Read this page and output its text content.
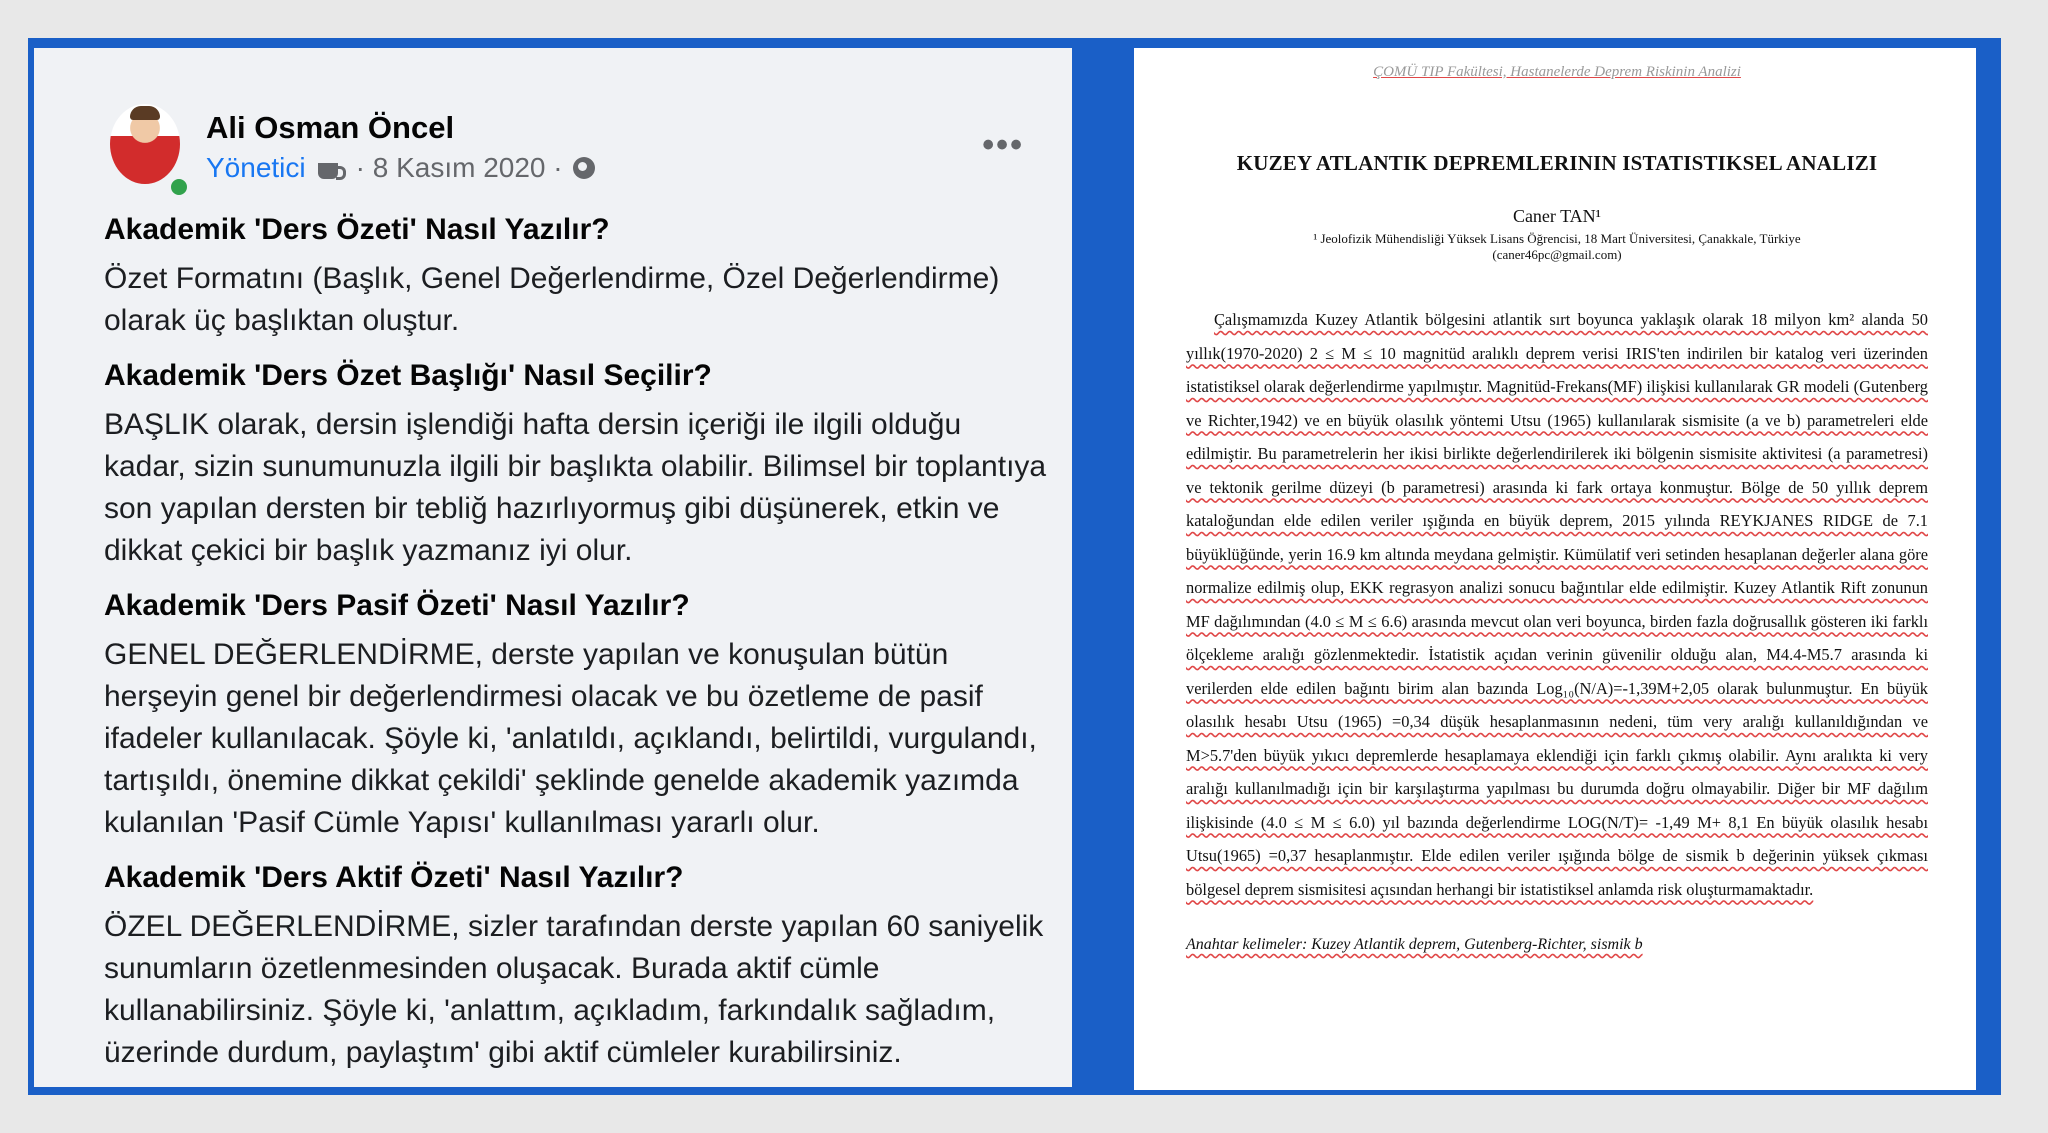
Ali Osman Öncel
Yönetici · 8 Kasım 2020 ·
•••
Akademik 'Ders Özeti' Nasıl Yazılır?

Özet Formatını (Başlık, Genel Değerlendirme, Özel Değerlendirme) olarak üç başlıktan oluştur.

Akademik 'Ders Özet Başlığı' Nasıl Seçilir?

BAŞLIK olarak, dersin işlendiği hafta dersin içeriği ile ilgili olduğu kadar, sizin sunumunuzla ilgili bir başlıkta olabilir. Bilimsel bir toplantıya son yapılan dersten bir tebliğ hazırlıyormuş gibi düşünerek, etkin ve dikkat çekici bir başlık yazmanız iyi olur.

Akademik 'Ders Pasif Özeti' Nasıl Yazılır?

GENEL DEĞERLENDİRME, derste yapılan ve konuşulan bütün herşeyin genel bir değerlendirmesi olacak ve bu özetleme de pasif ifadeler kullanılacak. Şöyle ki, 'anlatıldı, açıklandı, belirtildi, vurgulandı, tartışıldı, önemine dikkat çekildi' şeklinde genelde akademik yazımda kulanılan 'Pasif Cümle Yapısı' kullanılması yararlı olur.

Akademik 'Ders Aktif Özeti' Nasıl Yazılır?

ÖZEL DEĞERLENDİRME, sizler tarafından derste yapılan 60 saniyelik sunumların özetlenmesinden oluşacak. Burada aktif cümle kullanabilirsiniz. Şöyle ki, 'anlattım, açıkladım, farkındalık sağladım, üzerinde durdum, paylaştım' gibi aktif cümleler kurabilirsiniz.

ÇOMÜ TIP Fakültesi, Hastanelerde Deprem Riskinin Analizi
KUZEY ATLANTIK DEPREMLERININ ISTATISTIKSEL ANALIZI
Caner TAN¹
¹ Jeolofizik Mühendisliği Yüksek Lisans Öğrencisi, 18 Mart Üniversitesi, Çanakkale, Türkiye
(caner46pc@gmail.com)
Çalışmamızda Kuzey Atlantik bölgesini atlantik sırt boyunca yaklaşık olarak 18 milyon km² alanda 50 yıllık(1970-2020) 2 ≤ M ≤ 10 magnitüd aralıklı deprem verisi IRIS'ten indirilen bir katalog veri üzerinden istatistiksel olarak değerlendirme yapılmıştır. Magnitüd-Frekans(MF) ilişkisi kullanılarak GR modeli (Gutenberg ve Richter,1942) ve en büyük olasılık yöntemi Utsu (1965) kullanılarak sismisite (a ve b) parametreleri elde edilmiştir. Bu parametrelerin her ikisi birlikte değerlendirilerek iki bölgenin sismisite aktivitesi (a parametresi) ve tektonik gerilme düzeyi (b parametresi) arasında ki fark ortaya konmuştur. Bölge de 50 yıllık deprem kataloğundan elde edilen veriler ışığında en büyük deprem, 2015 yılında REYKJANES RIDGE de 7.1 büyüklüğünde, yerin 16.9 km altında meydana gelmiştir. Kümülatif veri setinden hesaplanan değerler alana göre normalize edilmiş olup, EKK regrasyon analizi sonucu bağıntılar elde edilmiştir. Kuzey Atlantik Rift zonunun MF dağılımından (4.0 ≤ M ≤ 6.6) arasında mevcut olan veri boyunca, birden fazla doğrusallık gösteren iki farklı ölçekleme aralığı gözlenmektedir. İstatistik açıdan verinin güvenilir olduğu alan, M4.4-M5.7 arasında ki verilerden elde edilen bağıntı birim alan bazında Log₁₀(N/A)=-1,39M+2,05 olarak bulunmuştur. En büyük olasılık hesabı Utsu (1965) =0,34 düşük hesaplanmasının nedeni, tüm very aralığı kullanıldığından ve M>5.7'den büyük yıkıcı depremlerde hesaplamaya eklendiği için farklı çıkmış olabilir. Aynı aralıkta ki very aralığı kullanılmadığı için bir karşılaştırma yapılması bu durumda doğru olmayabilir. Diğer bir MF dağılım ilişkisinde (4.0 ≤ M ≤ 6.0) yıl bazında değerlendirme LOG(N/T)= -1,49 M+ 8,1 En büyük olasılık hesabı Utsu(1965) =0,37 hesaplanmıştır. Elde edilen veriler ışığında bölge de sismik b değerinin yüksek çıkması bölgesel deprem sismisitesi açısından herhangi bir istatistiksel anlamda risk oluşturmamaktadır.
Anahtar kelimeler: Kuzey Atlantik deprem, Gutenberg-Richter, sismik b
